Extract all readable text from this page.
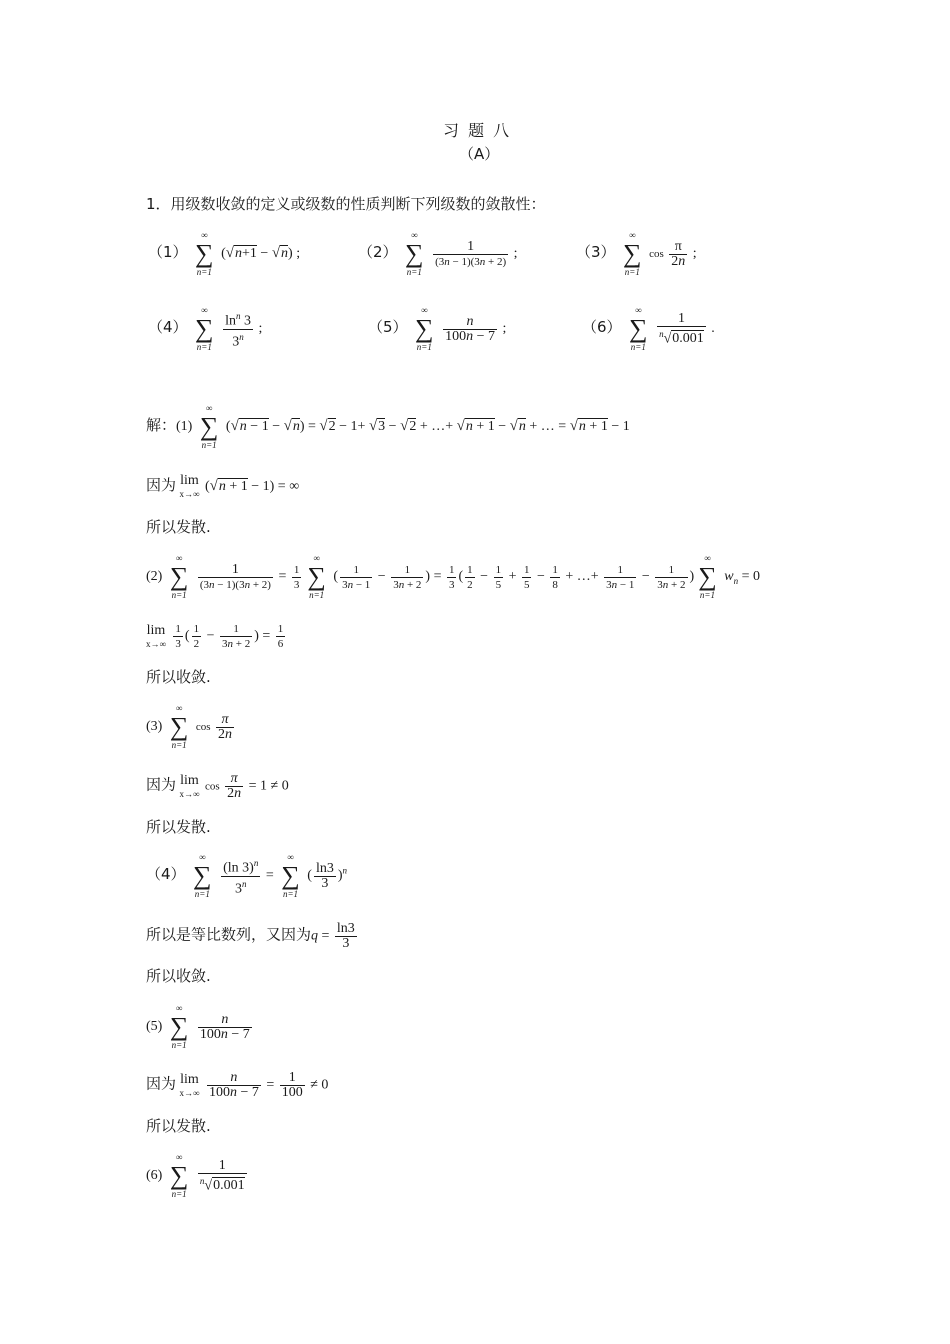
习 题 八
（A）
1．用级数收敛的定义或级数的性质判断下列级数的敛散性：
（1）
∞
∑
n=1
(√n+1 − √n) ;	（2）
∞
∑
n=1

$\frac{1}{(3n - 1)(3n + 2)}$ ;	（3）
∞
∑
n=1
$\cos \frac{\pi}{2n}$ ;
（4）
∞
∑
n=1
$\frac{\ln^n 3}{3^n}$ ;	（5）
∞
∑
n=1

$\frac{n}{100n - 7}$ ;	（6）
∞
∑
n=1

$\frac{1}{^n√0.001}$ .
解：(1)
∞
∑
n=1
(√n − 1 − √n) = √2 − 1+ √3 − √2 + …+ √n + 1 − √n + … = √n + 1 − 1
因为 lim
x→∞
(√n + 1 − 1) = ∞
所以发散.
(2)
∞
∑
n=1

$\frac{1}{(3n - 1)(3n + 2)} = \frac{1}{3}$
∞
∑
n=1
( $\frac{1}{3n - 1} - \frac{1}{3n + 2}$ ) = $\frac{1}{3}$ ( $\frac{1}{2} - \frac{1}{5} + \frac{1}{5} - \frac{1}{8}$ + …+ $\frac{1}{3n - 1} - \frac{1}{3n + 2}$ )
∞
∑
n=1
$w_n = 0$
lim
x→∞
$\frac{1}{3}$ ( $\frac{1}{2} - \frac{1}{3n + 2}$ ) = $\frac{1}{6}$
所以收敛.
(3)
∞
∑
n=1
$\cos \frac{\pi}{2n}$
因为 lim
x→∞
$\cos \frac{\pi}{2n} = 1 \ne 0$
所以发散.
（4）
∞
∑
n=1
$\frac{(\ln 3)^n}{3^n}$ =
∞
∑
n=1
( $\frac{\ln 3}{3} )^n$
所以是等比数列，又因为$q = \frac{\ln 3}{3}$
所以收敛.
(5)
∞
∑
n=1

$\frac{n}{100n - 7}$
因为 lim
x→∞
$\frac{n}{100n - 7} = \frac{1}{100} \ne 0$
所以发散.
(6)
∞
∑
n=1

$\frac{1}{^n√0.001}$
